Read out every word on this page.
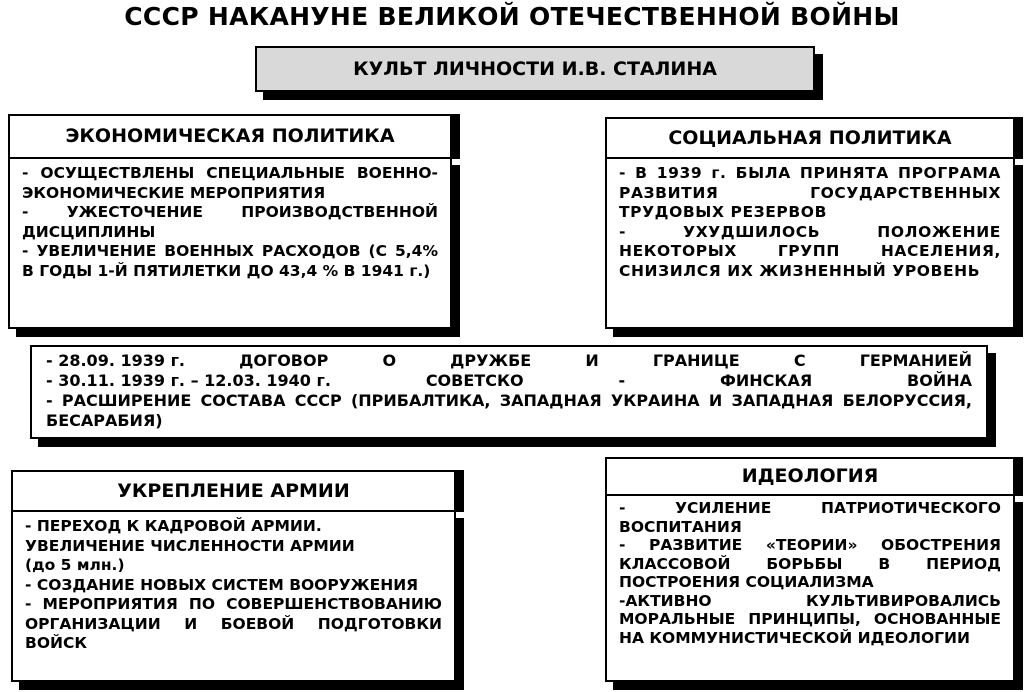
СССР НАКАНУНЕ ВЕЛИКОЙ ОТЕЧЕСТВЕННОЙ ВОЙНЫ
КУЛЬТ ЛИЧНОСТИ И.В. СТАЛИНА
ЭКОНОМИЧЕСКАЯ ПОЛИТИКА

- ОСУЩЕСТВЛЕНЫ СПЕЦИАЛЬНЫЕ ВОЕННО-ЭКОНОМИЧЕСКИЕ МЕРОПРИЯТИЯ

- УЖЕСТОЧЕНИЕ ПРОИЗВОДСТВЕННОЙ ДИСЦИПЛИНЫ

- УВЕЛИЧЕНИЕ ВОЕННЫХ РАСХОДОВ (С 5,4% В ГОДЫ 1-Й ПЯТИЛЕТКИ ДО 43,4 % В 1941 г.)

СОЦИАЛЬНАЯ ПОЛИТИКА

- В 1939 г. БЫЛА ПРИНЯТА ПРОГРАМА РАЗВИТИЯ ГОСУДАРСТВЕННЫХ ТРУДОВЫХ РЕЗЕРВОВ

- УХУДШИЛОСЬ ПОЛОЖЕНИЕ НЕКОТОРЫХ ГРУПП НАСЕЛЕНИЯ, СНИЗИЛСЯ ИХ ЖИЗНЕННЫЙ УРОВЕНЬ

- 28.09. 1939 г.	ДОГОВОР	О	ДРУЖБЕ	И	ГРАНИЦЕ	С	ГЕРМАНИЕЙ
- 30.11. 1939 г. – 12.03. 1940 г.	СОВЕТСКО	-	ФИНСКАЯ	ВОЙНА
- РАСШИРЕНИЕ СОСТАВА СССР (ПРИБАЛТИКА, ЗАПАДНАЯ УКРАИНА И ЗАПАДНАЯ БЕЛОРУССИЯ, БЕСАРАБИЯ)
УКРЕПЛЕНИЕ АРМИИ

- ПЕРЕХОД К КАДРОВОЙ АРМИИ.

УВЕЛИЧЕНИЕ ЧИСЛЕННОСТИ АРМИИ

(до 5 млн.)

- СОЗДАНИЕ НОВЫХ СИСТЕМ ВООРУЖЕНИЯ

- МЕРОПРИЯТИЯ ПО СОВЕРШЕНСТВОВАНИЮ ОРГАНИЗАЦИИ И БОЕВОЙ ПОДГОТОВКИ ВОЙСК

ИДЕОЛОГИЯ

- УСИЛЕНИЕ ПАТРИОТИЧЕСКОГО ВОСПИТАНИЯ

- РАЗВИТИЕ «ТЕОРИИ» ОБОСТРЕНИЯ КЛАССОВОЙ БОРЬБЫ В ПЕРИОД ПОСТРОЕНИЯ СОЦИАЛИЗМА

-АКТИВНО КУЛЬТИВИРОВАЛИСЬ МОРАЛЬНЫЕ ПРИНЦИПЫ, ОСНОВАННЫЕ НА КОММУНИСТИЧЕСКОЙ ИДЕОЛОГИИ
